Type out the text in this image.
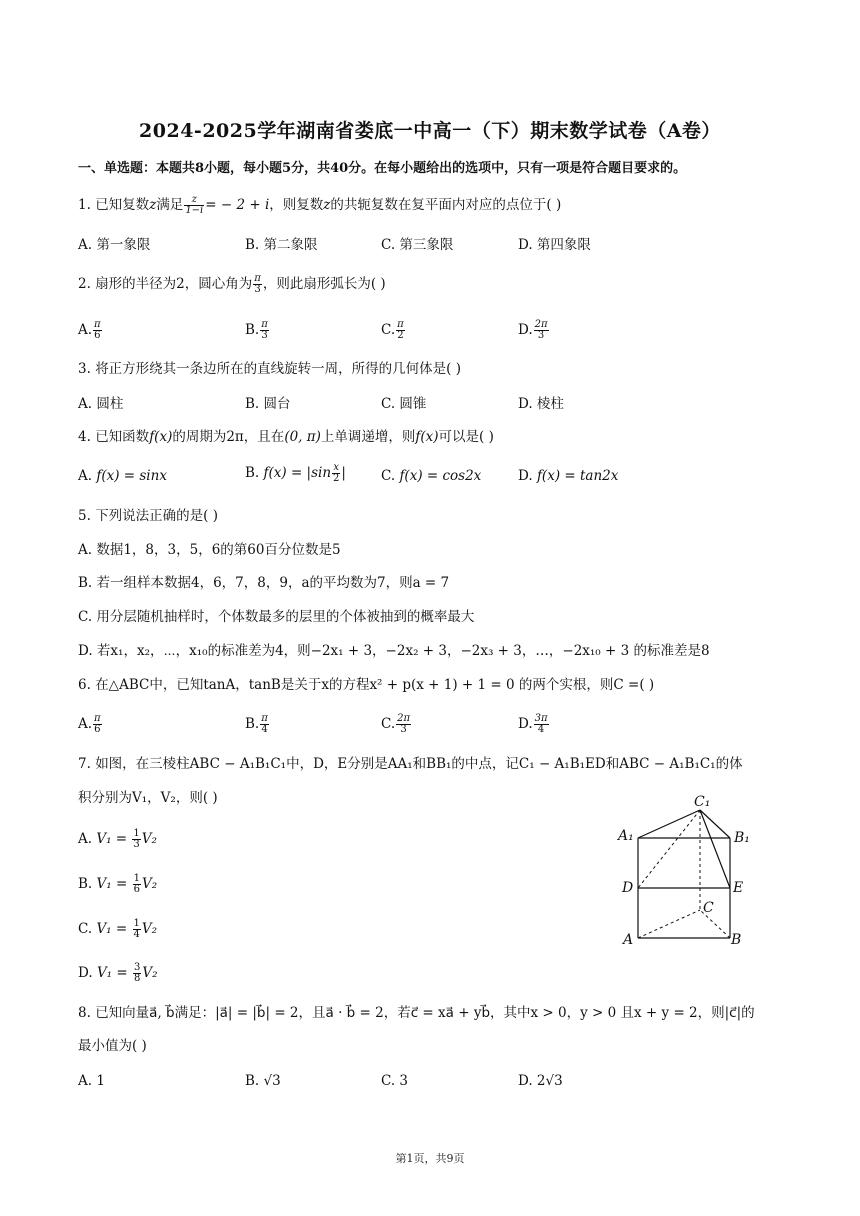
2024-2025学年湖南省娄底一中高一（下）期末数学试卷（A卷）
一、单选题：本题共8小题，每小题5分，共40分。在每小题给出的选项中，只有一项是符合题目要求的。
1. 已知复数z满足 $\frac{z}{1-i}$ = − 2 + i，则复数z的共轭复数在复平面内对应的点位于( )
A. 第一象限	B. 第二象限	C. 第三象限	D. 第四象限
2. 扇形的半径为2，圆心角为 $\frac{\pi}{3}$ ，则此扇形弧长为( )
A. $\frac{\pi}{6}$	B. $\frac{\pi}{3}$	C. $\frac{\pi}{2}$	D. $\frac{2\pi}{3}$
3. 将正方形绕其一条边所在的直线旋转一周，所得的几何体是( )
A. 圆柱	B. 圆台	C. 圆锥	D. 棱柱
4. 已知函数f(x)的周期为2π，且在(0, π)上单调递增，则f(x)可以是( )
A. f(x) = sinx	B. $f(x) = |\sin \frac{x}{2}$ |	C. f(x) = cos2x	D. f(x) = tan2x
5. 下列说法正确的是( )
A. 数据1，8，3，5，6的第60百分位数是5
B. 若一组样本数据4，6，7，8，9，a的平均数为7，则a = 7
C. 用分层随机抽样时，个体数最多的层里的个体被抽到的概率最大
D. 若x₁，x₂，⋯，x₁₀的标准差为4，则−2x₁ + 3，−2x₂ + 3，−2x₃ + 3，…，−2x₁₀ + 3 的标准差是8
6. 在△ABC中，已知tanA，tanB是关于x的方程x² + p(x + 1) + 1 = 0 的两个实根，则C =( )
A. $\frac{\pi}{6}$	B. $\frac{\pi}{4}$	C. $\frac{2\pi}{3}$	D. $\frac{3\pi}{4}$
7. 如图，在三棱柱ABC − A₁B₁C₁中，D，E分别是AA₁和BB₁的中点，记C₁ − A₁B₁ED和ABC − A₁B₁C₁的体
积分别为V₁，V₂，则( )
A. $V_1 = \frac{1}{3} V_2$
B. $V_1 = \frac{1}{6} V_2$
C. $V_1 = \frac{1}{4} V_2$
D. $V_1 = \frac{3}{8} V_2$
C₁
A₁	B₁
D	E
C
A	B
8. 已知向量a⃗, b⃗满足：|a⃗| = |b⃗| = 2，且a⃗ · b⃗ = 2，若c⃗ = xa⃗ + yb⃗，其中x > 0，y > 0 且x + y = 2，则|c⃗|的
最小值为( )
A. 1	B. √3	C. 3	D. 2√3
第1页，共9页
